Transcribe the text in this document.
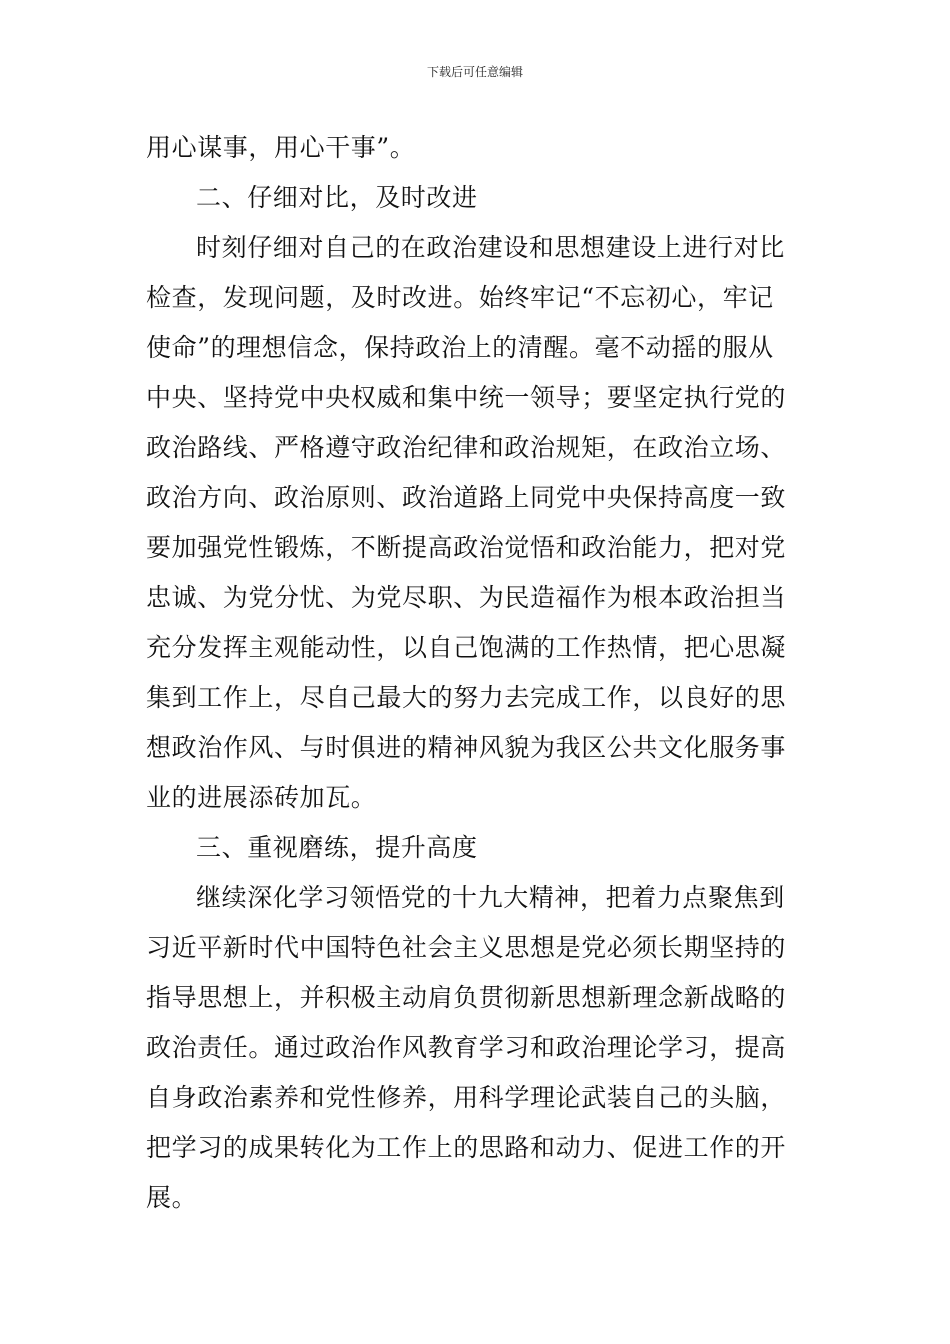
下载后可任意编辑
用心谋事，用心干事”。
二、仔细对比，及时改进
时刻仔细对自己的在政治建设和思想建设上进行对比
检查，发现问题，及时改进。始终牢记“不忘初心，牢记
使命”的理想信念，保持政治上的清醒。毫不动摇的服从
中央、坚持党中央权威和集中统一领导；要坚定执行党的
政治路线、严格遵守政治纪律和政治规矩，在政治立场、
政治方向、政治原则、政治道路上同党中央保持高度一致
要加强党性锻炼，不断提高政治觉悟和政治能力，把对党
忠诚、为党分忧、为党尽职、为民造福作为根本政治担当
充分发挥主观能动性，以自己饱满的工作热情，把心思凝
集到工作上，尽自己最大的努力去完成工作，以良好的思
想政治作风、与时俱进的精神风貌为我区公共文化服务事
业的进展添砖加瓦。
三、重视磨练，提升高度
继续深化学习领悟党的十九大精神，把着力点聚焦到
习近平新时代中国特色社会主义思想是党必须长期坚持的
指导思想上，并积极主动肩负贯彻新思想新理念新战略的
政治责任。通过政治作风教育学习和政治理论学习，提高
自身政治素养和党性修养，用科学理论武装自己的头脑，
把学习的成果转化为工作上的思路和动力、促进工作的开
展。
